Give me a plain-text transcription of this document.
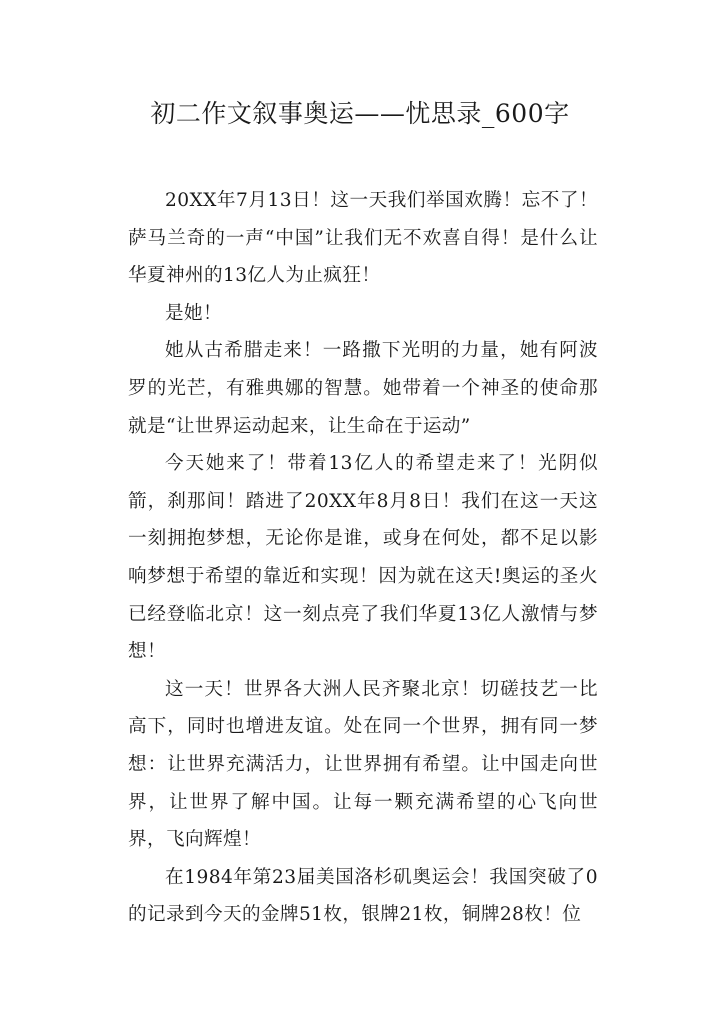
初二作文叙事奥运——忧思录_600字

20XX年7月13日！这一天我们举国欢腾！忘不了！萨马兰奇的一声“中国”让我们无不欢喜自得！是什么让华夏神州的13亿人为止疯狂！

是她！

她从古希腊走来！一路撒下光明的力量，她有阿波罗的光芒，有雅典娜的智慧。她带着一个神圣的使命那就是“让世界运动起来，让生命在于运动”

今天她来了！带着13亿人的希望走来了！光阴似箭，刹那间！踏进了20XX年8月8日！我们在这一天这一刻拥抱梦想，无论你是谁，或身在何处，都不足以影响梦想于希望的靠近和实现！因为就在这天!奥运的圣火已经登临北京！这一刻点亮了我们华夏13亿人激情与梦想！

这一天！世界各大洲人民齐聚北京！切磋技艺一比高下，同时也增进友谊。处在同一个世界，拥有同一梦想：让世界充满活力，让世界拥有希望。让中国走向世界，让世界了解中国。让每一颗充满希望的心飞向世界，飞向辉煌！

在1984年第23届美国洛杉矶奥运会！我国突破了0的记录到今天的金牌51枚，银牌21枚，铜牌28枚！位
